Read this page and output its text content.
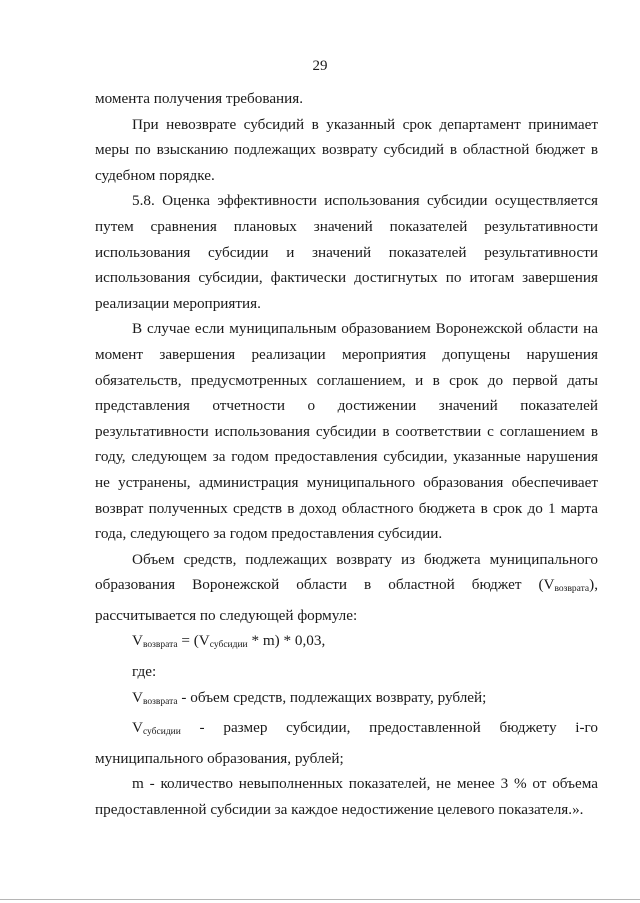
29

момента получения требования.

При невозврате субсидий в указанный срок департамент принимает меры по взысканию подлежащих возврату субсидий в областной бюджет в судебном порядке.

5.8. Оценка эффективности использования субсидии осуществляется путем сравнения плановых значений показателей результативности использования субсидии и значений показателей результативности использования субсидии, фактически достигнутых по итогам завершения реализации мероприятия.

В случае если муниципальным образованием Воронежской области на момент завершения реализации мероприятия допущены нарушения обязательств, предусмотренных соглашением, и в срок до первой даты представления отчетности о достижении значений показателей результативности использования субсидии в соответствии с соглашением в году, следующем за годом предоставления субсидии, указанные нарушения не устранены, администрация муниципального образования обеспечивает возврат полученных средств в доход областного бюджета в срок до 1 марта года, следующего за годом предоставления субсидии.

Объем средств, подлежащих возврату из бюджета муниципального образования Воронежской области в областной бюджет $(V_{возврата})$, рассчитывается по следующей формуле:

$V_{возврата} = (V_{субсидии} * m) * 0,03$,

где:

$V_{возврата}$ - объем средств, подлежащих возврату, рублей;

$V_{субсидии}$ - размер субсидии, предоставленной бюджету i-го муниципального образования, рублей;

m - количество невыполненных показателей, не менее 3 % от объема предоставленной субсидии за каждое недостижение целевого показателя.».
